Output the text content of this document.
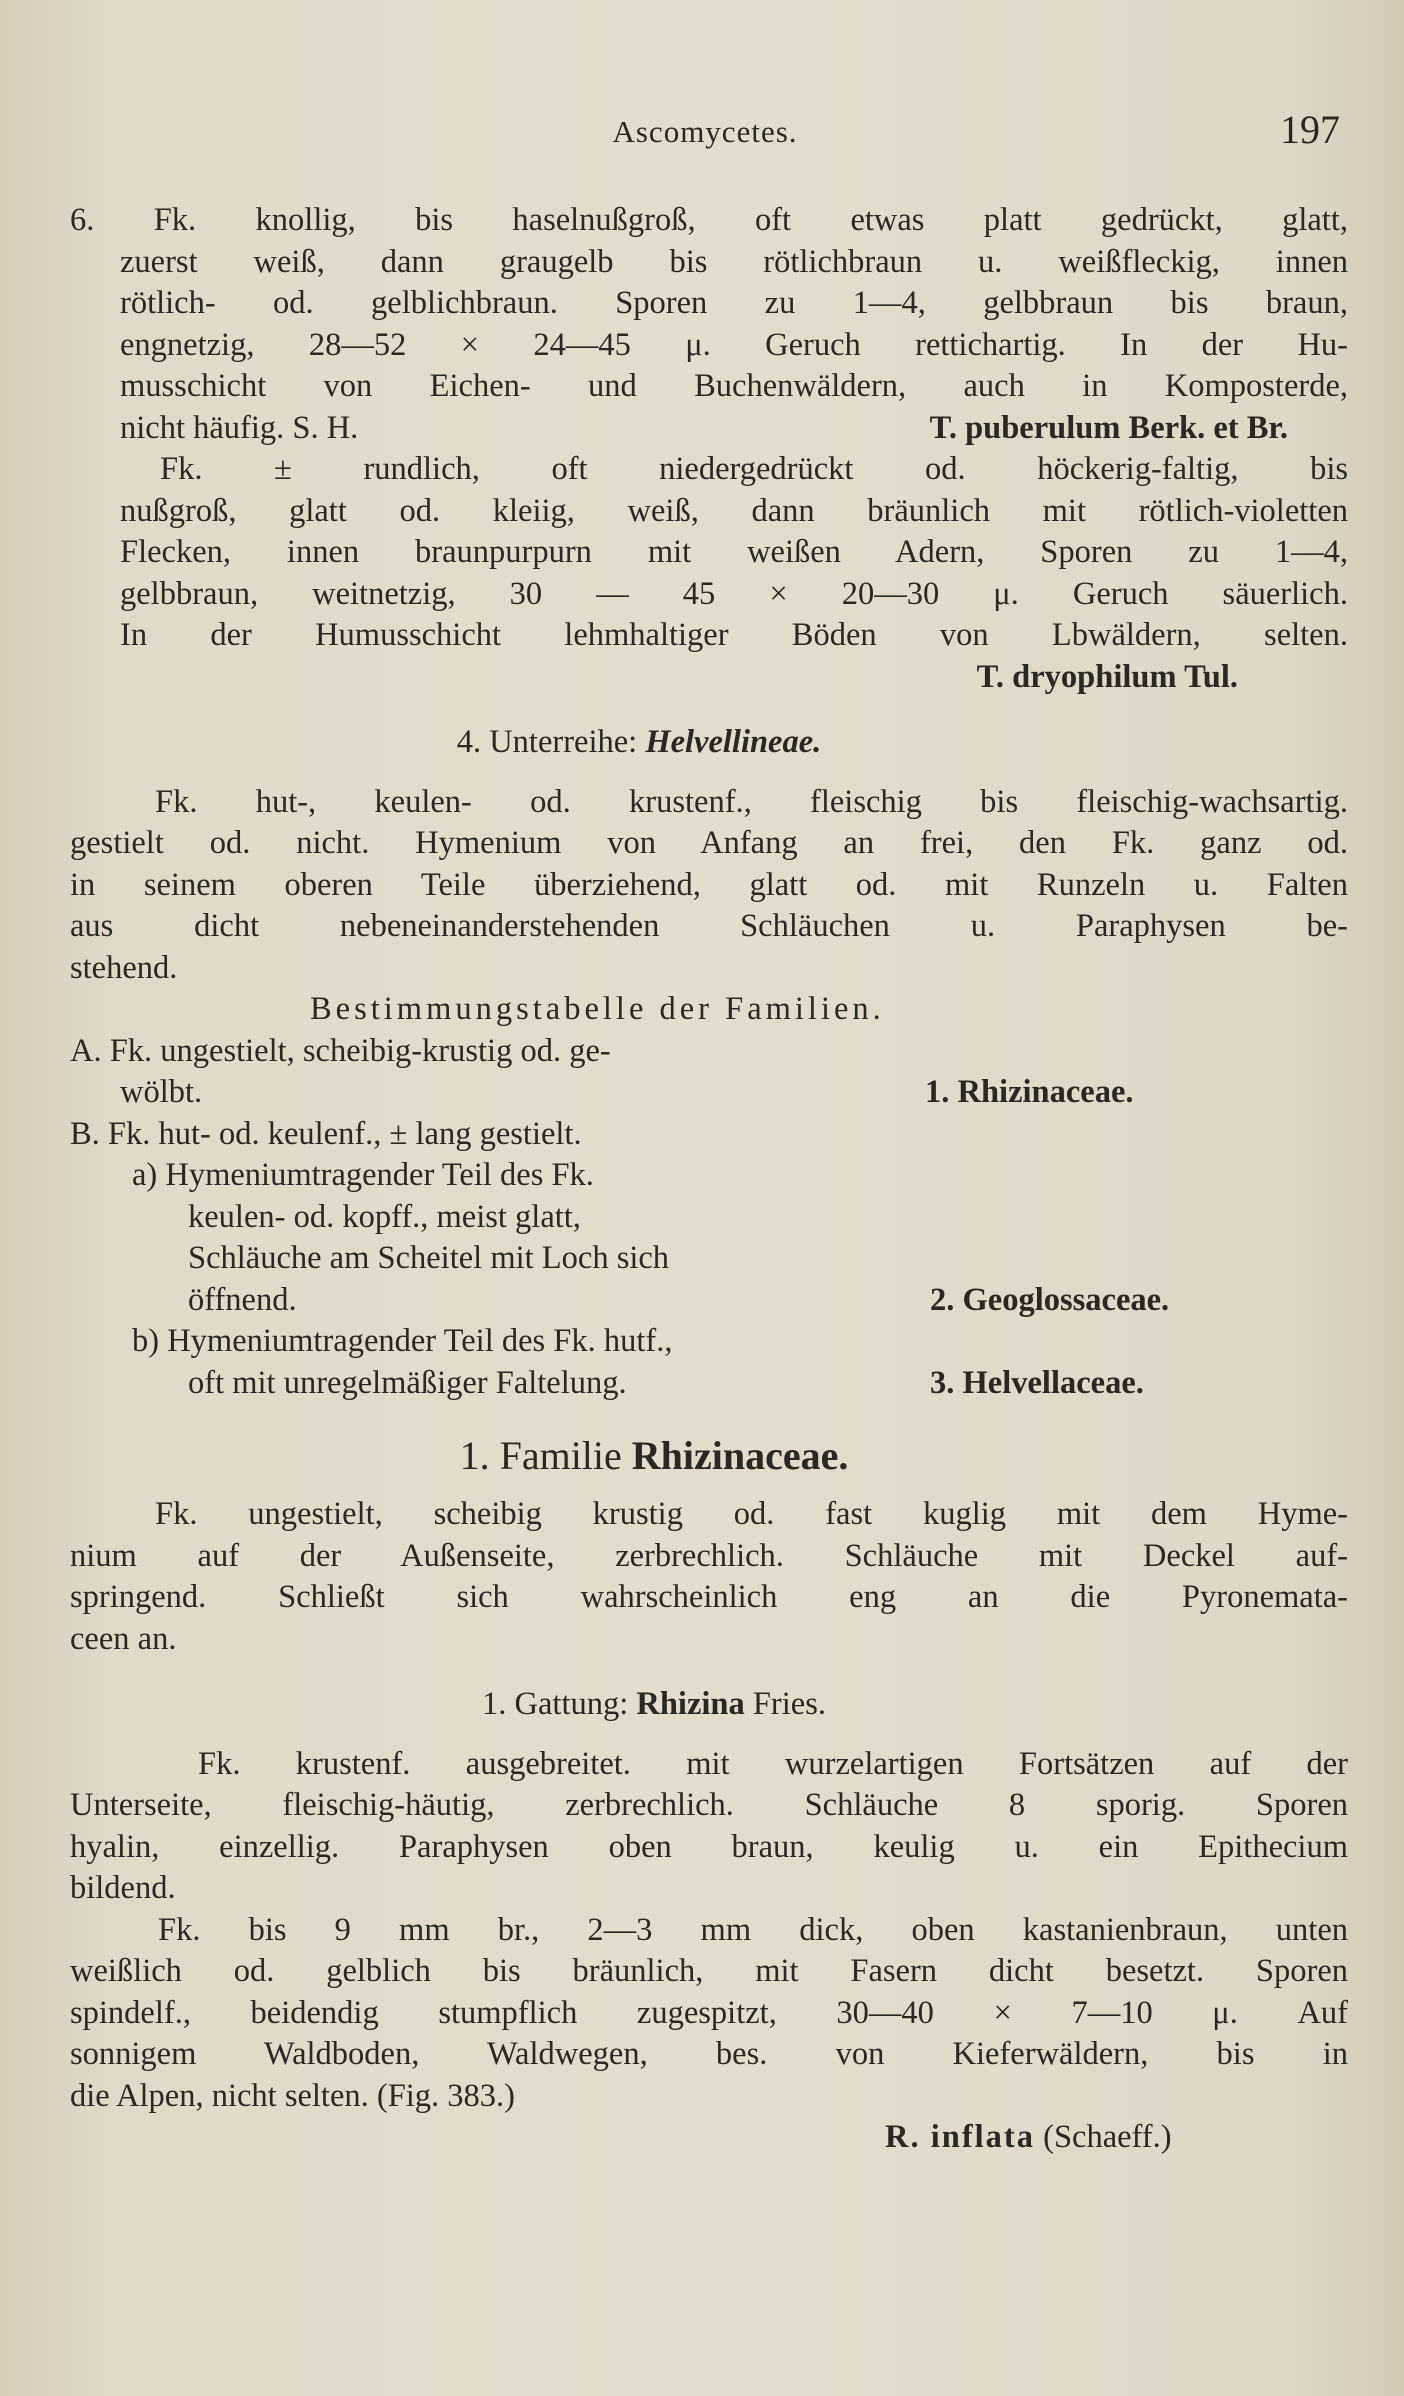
Ascomycetes.	197
6. Fk. knollig, bis haselnußgroß, oft etwas platt gedrückt, glatt,
zuerst weiß, dann graugelb bis rötlichbraun u. weißfleckig, innen
rötlich- od. gelblichbraun. Sporen zu 1—4, gelbbraun bis braun,
engnetzig, 28—52 × 24—45 μ. Geruch rettichartig. In der Hu-
musschicht von Eichen- und Buchenwäldern, auch in Komposterde,
nicht häufig. S. H.	T. puberulum Berk. et Br.
Fk. ± rundlich, oft niedergedrückt od. höckerig-faltig, bis
nußgroß, glatt od. kleiig, weiß, dann bräunlich mit rötlich-violetten
Flecken, innen braunpurpurn mit weißen Adern, Sporen zu 1—4,
gelbbraun, weitnetzig, 30 — 45 × 20—30 μ. Geruch säuerlich.
In der Humusschicht lehmhaltiger Böden von Lbwäldern, selten.
T. dryophilum Tul.
4. Unterreihe: Helvellineae.
Fk. hut-, keulen- od. krustenf., fleischig bis fleischig-wachsartig.
gestielt od. nicht. Hymenium von Anfang an frei, den Fk. ganz od.
in seinem oberen Teile überziehend, glatt od. mit Runzeln u. Falten
aus dicht nebeneinanderstehenden Schläuchen u. Paraphysen be-
stehend.
Bestimmungstabelle der Familien.
A. Fk. ungestielt, scheibig-krustig od. ge-
wölbt.	1. Rhizinaceae.
B. Fk. hut- od. keulenf., ± lang gestielt.
a) Hymeniumtragender Teil des Fk.
keulen- od. kopff., meist glatt,
Schläuche am Scheitel mit Loch sich
öffnend.	2. Geoglossaceae.
b) Hymeniumtragender Teil des Fk. hutf.,
oft mit unregelmäßiger Faltelung.	3. Helvellaceae.
1. Familie Rhizinaceae.
Fk. ungestielt, scheibig krustig od. fast kuglig mit dem Hyme-
nium auf der Außenseite, zerbrechlich. Schläuche mit Deckel auf-
springend. Schließt sich wahrscheinlich eng an die Pyronemata-
ceen an.
1. Gattung: Rhizina Fries.
Fk. krustenf. ausgebreitet. mit wurzelartigen Fortsätzen auf der
Unterseite, fleischig-häutig, zerbrechlich. Schläuche 8 sporig. Sporen
hyalin, einzellig. Paraphysen oben braun, keulig u. ein Epithecium
bildend.
Fk. bis 9 mm br., 2—3 mm dick, oben kastanienbraun, unten
weißlich od. gelblich bis bräunlich, mit Fasern dicht besetzt. Sporen
spindelf., beidendig stumpflich zugespitzt, 30—40 × 7—10 μ. Auf
sonnigem Waldboden, Waldwegen, bes. von Kieferwäldern, bis in
die Alpen, nicht selten. (Fig. 383.)
R. inflata (Schaeff.)
